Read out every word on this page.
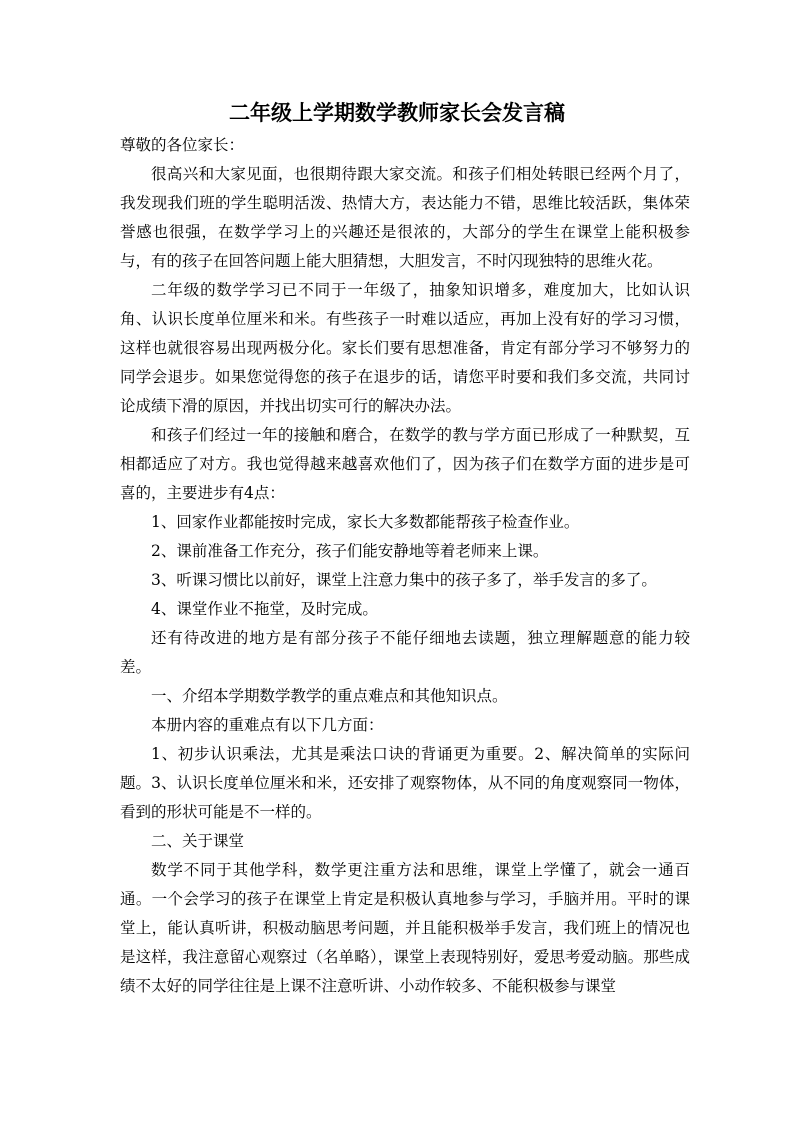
二年级上学期数学教师家长会发言稿

尊敬的各位家长：

很高兴和大家见面，也很期待跟大家交流。和孩子们相处转眼已经两个月了，我发现我们班的学生聪明活泼、热情大方，表达能力不错，思维比较活跃，集体荣誉感也很强，在数学学习上的兴趣还是很浓的，大部分的学生在课堂上能积极参与，有的孩子在回答问题上能大胆猜想，大胆发言，不时闪现独特的思维火花。

二年级的数学学习已不同于一年级了，抽象知识增多，难度加大，比如认识角、认识长度单位厘米和米。有些孩子一时难以适应，再加上没有好的学习习惯，这样也就很容易出现两极分化。家长们要有思想准备，肯定有部分学习不够努力的同学会退步。如果您觉得您的孩子在退步的话，请您平时要和我们多交流，共同讨论成绩下滑的原因，并找出切实可行的解决办法。

和孩子们经过一年的接触和磨合，在数学的教与学方面已形成了一种默契，互相都适应了对方。我也觉得越来越喜欢他们了，因为孩子们在数学方面的进步是可喜的，主要进步有4点：

1、回家作业都能按时完成，家长大多数都能帮孩子检查作业。

2、课前准备工作充分，孩子们能安静地等着老师来上课。

3、听课习惯比以前好，课堂上注意力集中的孩子多了，举手发言的多了。

4、课堂作业不拖堂，及时完成。

还有待改进的地方是有部分孩子不能仔细地去读题，独立理解题意的能力较差。

一、介绍本学期数学教学的重点难点和其他知识点。

本册内容的重难点有以下几方面：

1、初步认识乘法，尤其是乘法口诀的背诵更为重要。2、解决简单的实际问题。3、认识长度单位厘米和米，还安排了观察物体，从不同的角度观察同一物体，看到的形状可能是不一样的。

二、关于课堂

数学不同于其他学科，数学更注重方法和思维，课堂上学懂了，就会一通百通。一个会学习的孩子在课堂上肯定是积极认真地参与学习，手脑并用。平时的课堂上，能认真听讲，积极动脑思考问题，并且能积极举手发言，我们班上的情况也是这样，我注意留心观察过（名单略），课堂上表现特别好，爱思考爱动脑。那些成绩不太好的同学往往是上课不注意听讲、小动作较多、不能积极参与课堂
